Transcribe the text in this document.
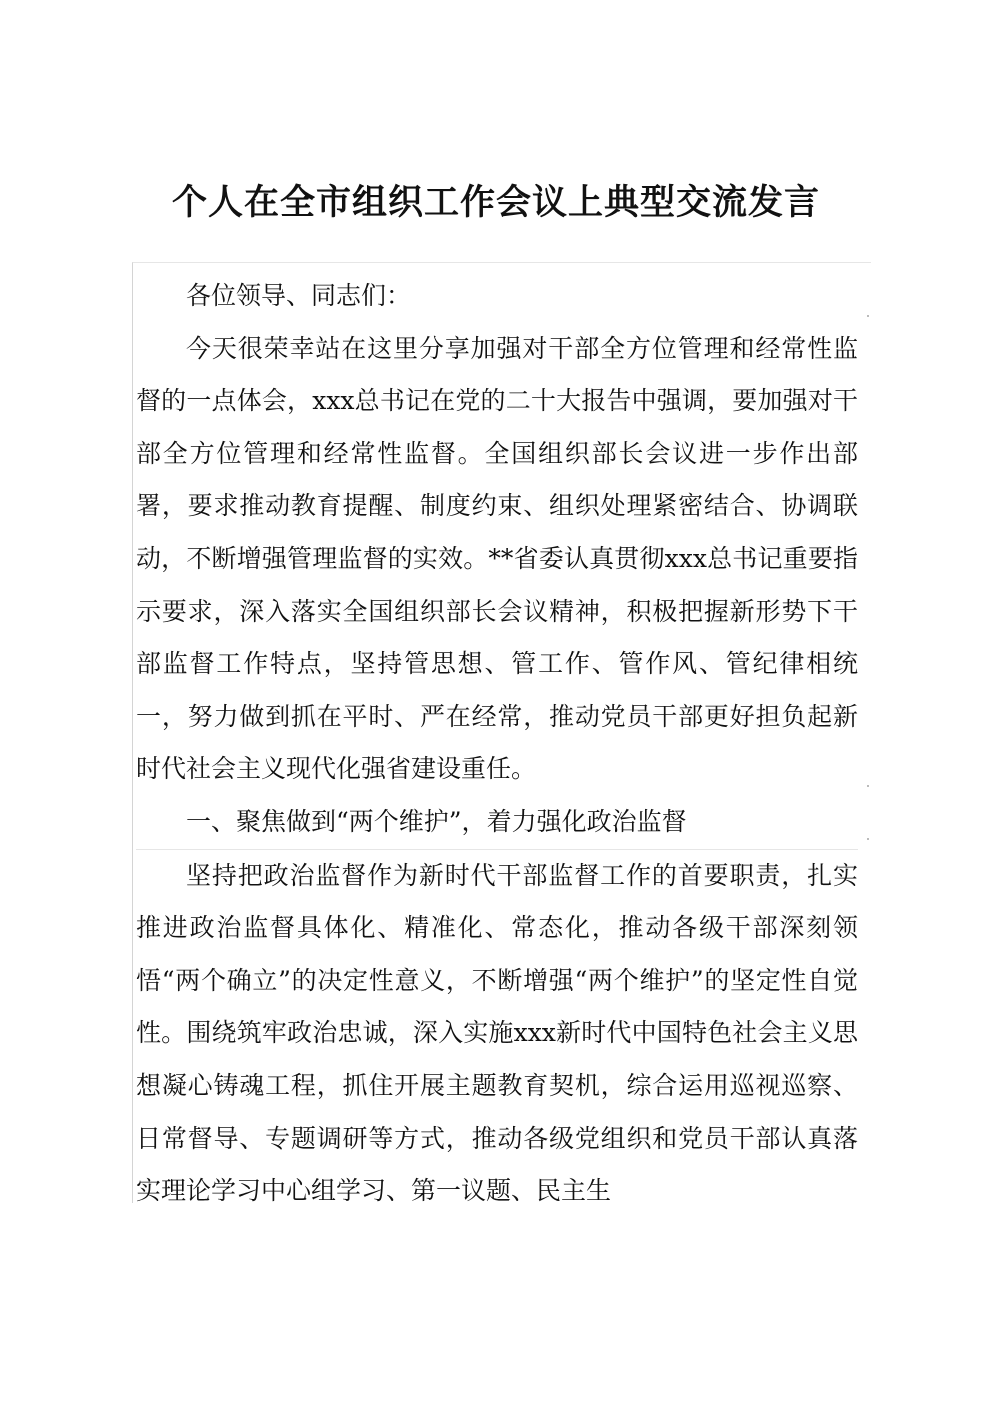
个人在全市组织工作会议上典型交流发言

各位领导、同志们：

今天很荣幸站在这里分享加强对干部全方位管理和经常性监督的一点体会，xxx总书记在党的二十大报告中强调，要加强对干部全方位管理和经常性监督。全国组织部长会议进一步作出部署，要求推动教育提醒、制度约束、组织处理紧密结合、协调联动，不断增强管理监督的实效。**省委认真贯彻xxx总书记重要指示要求，深入落实全国组织部长会议精神，积极把握新形势下干部监督工作特点，坚持管思想、管工作、管作风、管纪律相统一，努力做到抓在平时、严在经常，推动党员干部更好担负起新时代社会主义现代化强省建设重任。

一、聚焦做到“两个维护”，着力强化政治监督

坚持把政治监督作为新时代干部监督工作的首要职责，扎实推进政治监督具体化、精准化、常态化，推动各级干部深刻领悟“两个确立”的决定性意义，不断增强“两个维护”的坚定性自觉性。围绕筑牢政治忠诚，深入实施xxx新时代中国特色社会主义思想凝心铸魂工程，抓住开展主题教育契机，综合运用巡视巡察、日常督导、专题调研等方式，推动各级党组织和党员干部认真落实理论学习中心组学习、第一议题、民主生
